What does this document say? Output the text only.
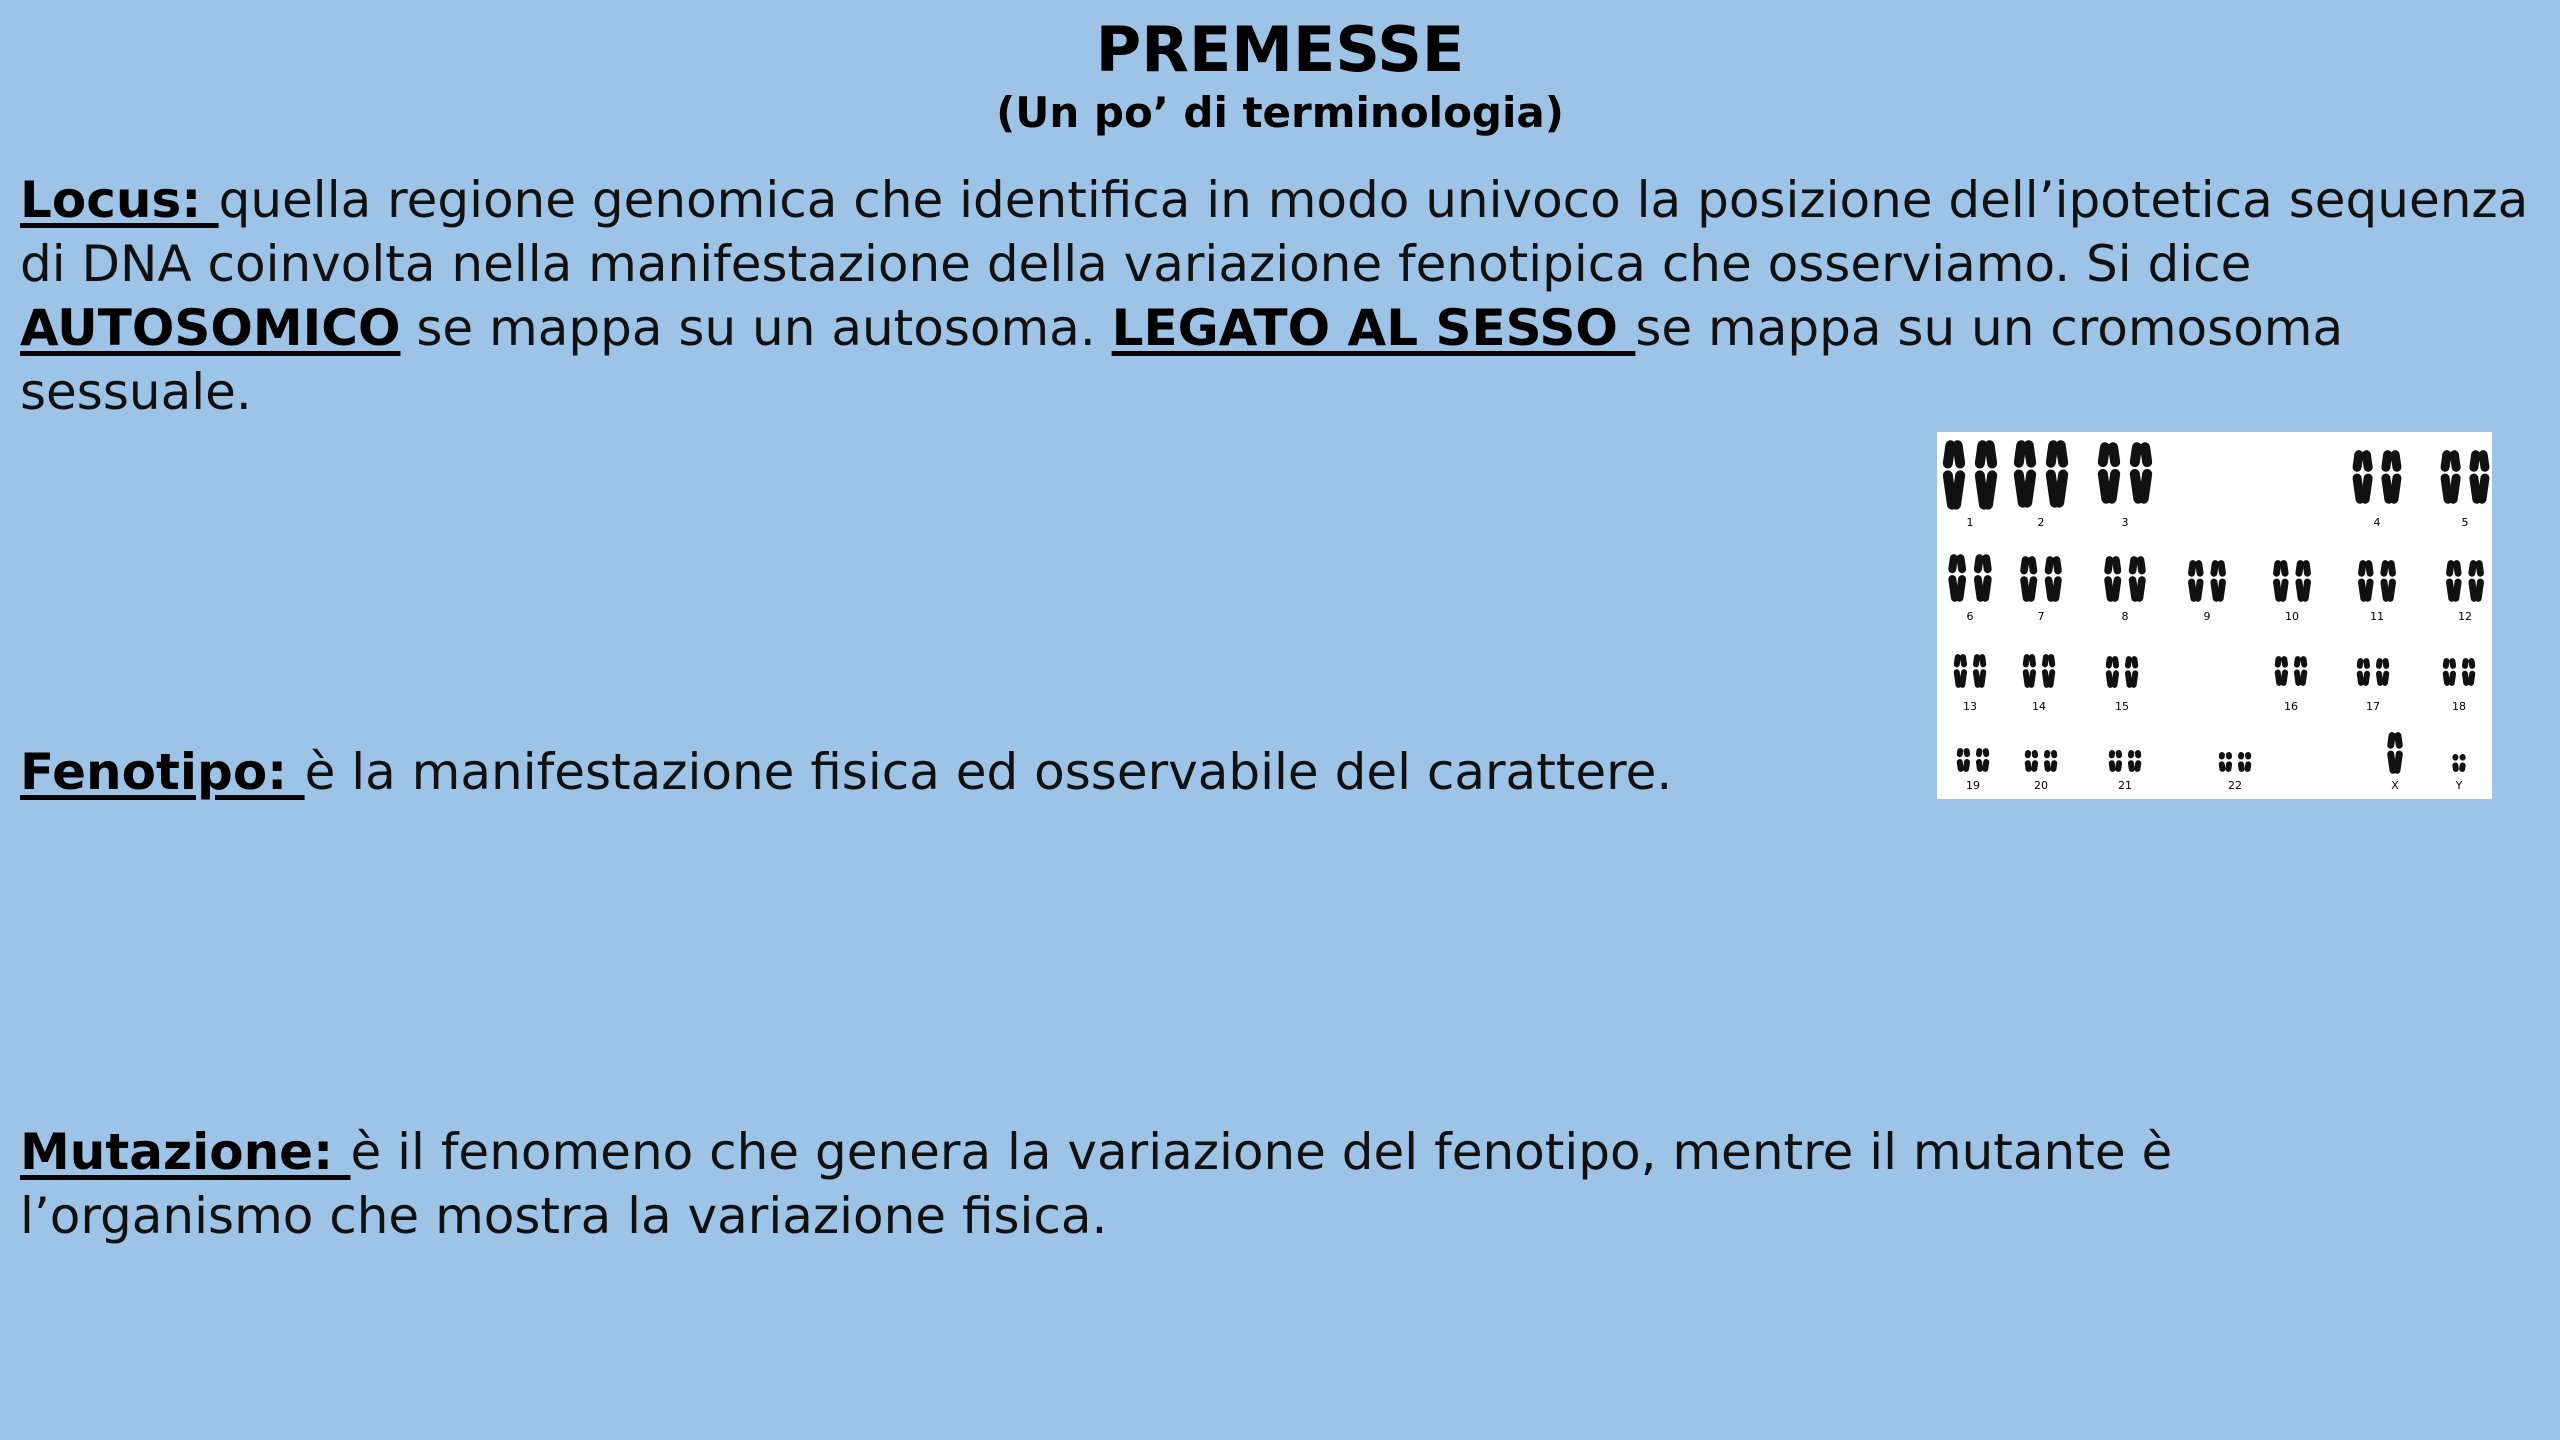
PREMESSE
(Un po’ di terminologia)
Locus: quella regione genomica che identifica in modo univoco la posizione dell’ipotetica sequenza di DNA coinvolta nella manifestazione della variazione fenotipica che osserviamo. Si dice AUTOSOMICO se mappa su un autosoma. LEGATO AL SESSO se mappa su un cromosoma sessuale.
Fenotipo: è la manifestazione fisica ed osservabile del carattere.
Mutazione: è il fenomeno che genera la variazione del fenotipo, mentre il mutante è l’organismo che mostra la variazione fisica.
1	2	3	4	5
6	7	8	9	10	11	12
13	14	15	16	17	18
19	20	21	22	X	Y
